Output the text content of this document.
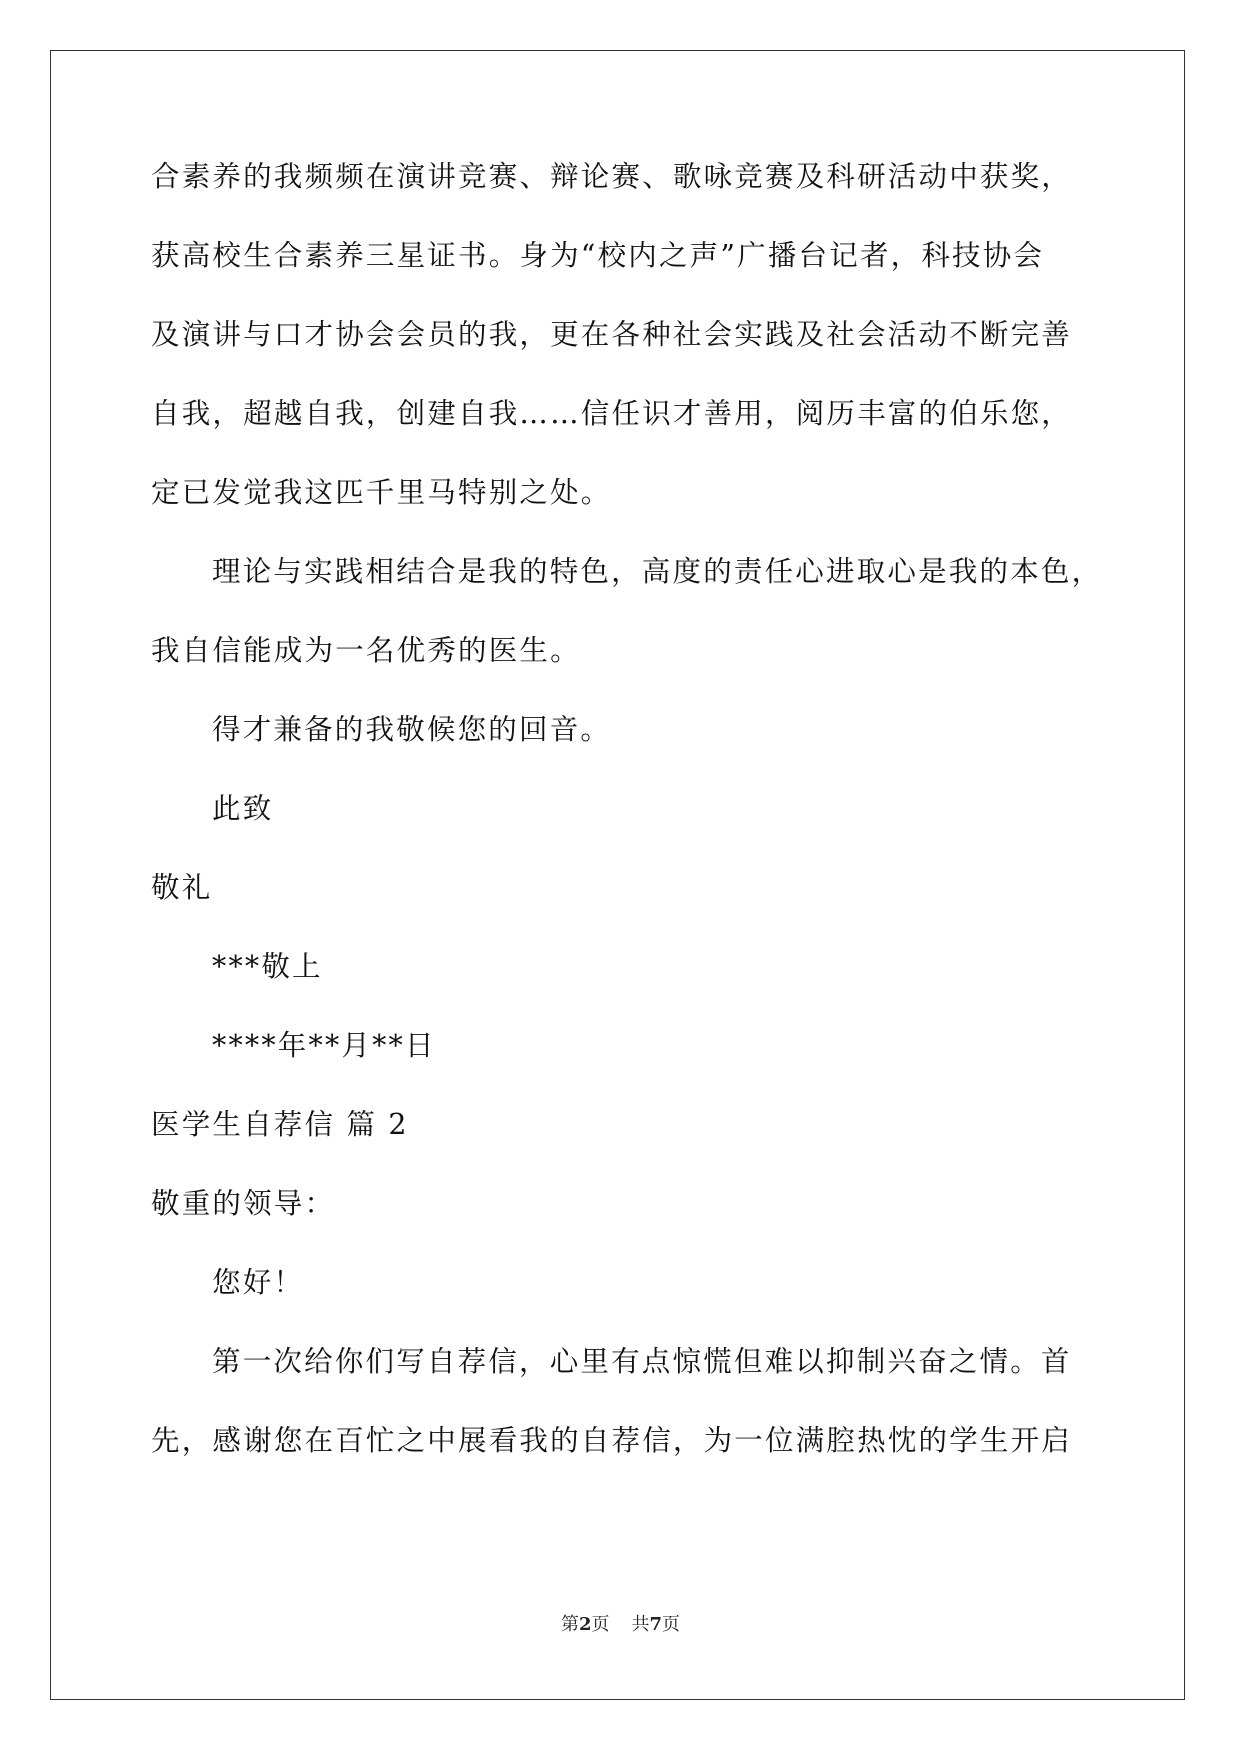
合素养的我频频在演讲竞赛、辩论赛、歌咏竞赛及科研活动中获奖，
获高校生合素养三星证书。身为“校内之声”广播台记者，科技协会
及演讲与口才协会会员的我，更在各种社会实践及社会活动不断完善
自我，超越自我，创建自我……信任识才善用，阅历丰富的伯乐您，
定已发觉我这匹千里马特别之处。
理论与实践相结合是我的特色，高度的责任心进取心是我的本色，
我自信能成为一名优秀的医生。
得才兼备的我敬候您的回音。
此致
敬礼
***敬上
****年**月**日
医学生自荐信 篇 2
敬重的领导：
您好！
第一次给你们写自荐信，心里有点惊慌但难以抑制兴奋之情。首
先，感谢您在百忙之中展看我的自荐信，为一位满腔热忱的学生开启
第2页 共7页
